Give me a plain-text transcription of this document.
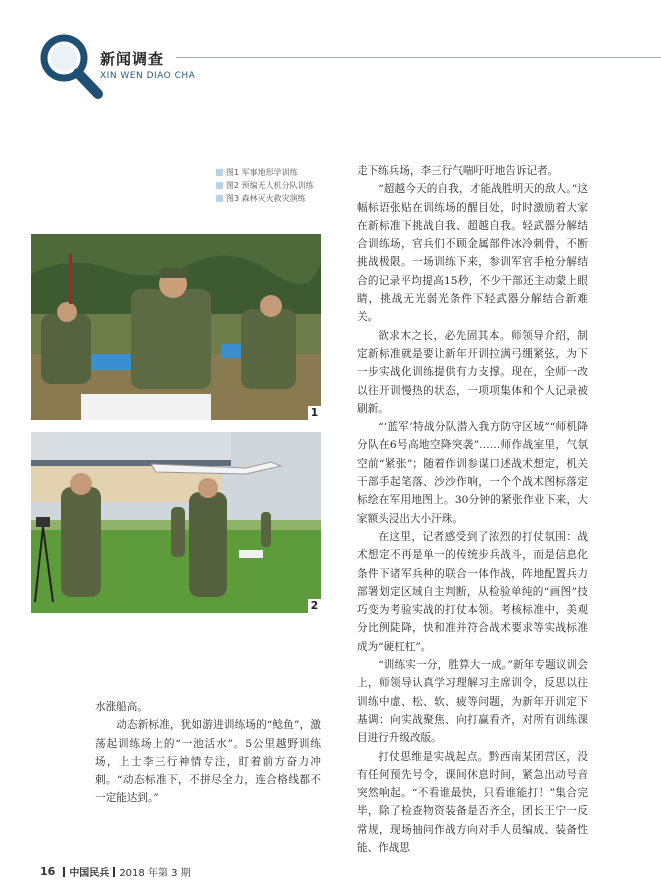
新闻调查
XIN WEN DIAO CHA
图1 军事地形学训练
图2 预编无人机分队训练
图3 森林灭火救灾演练
1
2

水涨船高。

动态新标准，犹如游进训练场的“鲶鱼”，激荡起训练场上的“一池活水”。5公里越野训练场，上士李三行神情专注，盯着前方奋力冲刺。“动态标准下，不拼尽全力，连合格线都不一定能达到。”

走下练兵场，李三行气喘吁吁地告诉记者。

“超越今天的自我，才能战胜明天的敌人。”这幅标语张贴在训练场的醒目处，时时激励着大家在新标准下挑战自我、超越自我。轻武器分解结合训练场，官兵们不顾金属部件冰冷刺骨，不断挑战极限。一场训练下来，参训军官手枪分解结合的记录平均提高15秒，不少干部还主动蒙上眼睛，挑战无光弱光条件下轻武器分解结合新难关。

欲求木之长，必先固其本。师领导介绍，制定新标准就是要让新年开训拉满弓绷紧弦，为下一步实战化训练提供有力支撑。现在，全师一改以往开训慢热的状态，一项项集体和个人记录被刷新。

“‘蓝军’特战分队潜入我方防守区域”“师机降分队在6号高地空降突袭”……师作战室里，气氛空前“紧张”；随着作训参谋口述战术想定，机关干部手起笔落、沙沙作响，一个个战术图标落定标绘在军用地图上。30分钟的紧张作业下来，大家额头浸出大小汗珠。

在这里，记者感受到了浓烈的打仗氛围：战术想定不再是单一的传统步兵战斗，而是信息化条件下诸军兵种的联合一体作战，阵地配置兵力部署划定区域自主判断，从检验单纯的“画图”技巧变为考验实战的打仗本领。考核标准中，美观分比例陡降，快和准并符合战术要求等实战标准成为“硬杠杠”。

“训练实一分，胜算大一成。”新年专题议训会上，师领导认真学习理解习主席训令，反思以往训练中虚、松、软、疲等问题，为新年开训定下基调：向实战聚焦、向打赢看齐，对所有训练课目进行升级改版。

打仗思维是实战起点。黔西南某团营区，没有任何预先号令，课间休息时间，紧急出动号音突然响起。“不看谁最快，只看谁能打！”集合完毕，除了检查物资装备是否齐全，团长王宁一反常规，现场抽问作战方向对手人员编成、装备性能、作战思

16 中国民兵 2018 年第 3 期
